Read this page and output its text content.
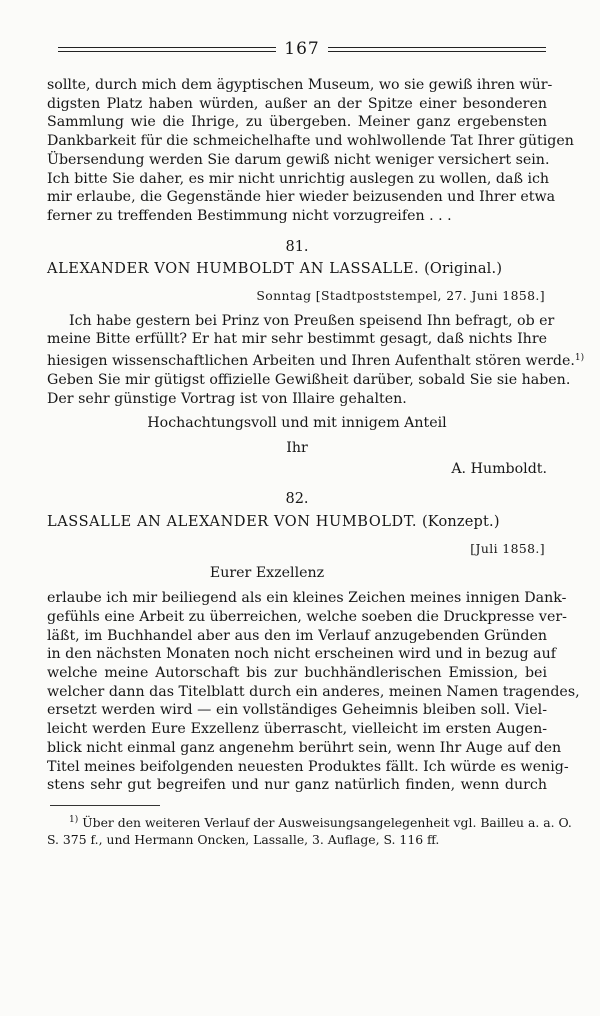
167

sollte, durch mich dem ägyptischen Museum, wo sie gewiß ihren wür-
digsten Platz haben würden, außer an der Spitze einer besonderen
Sammlung wie die Ihrige, zu übergeben. Meiner ganz ergebensten
Dankbarkeit für die schmeichelhafte und wohlwollende Tat Ihrer gütigen
Übersendung werden Sie darum gewiß nicht weniger versichert sein.
Ich bitte Sie daher, es mir nicht unrichtig auslegen zu wollen, daß ich
mir erlaube, die Gegenstände hier wieder beizusenden und Ihrer etwa
ferner zu treffenden Bestimmung nicht vorzugreifen . . .

81.
ALEXANDER VON HUMBOLDT AN LASSALLE. (Original.)
Sonntag [Stadtpoststempel, 27. Juni 1858.]

Ich habe gestern bei Prinz von Preußen speisend Ihn befragt, ob er
meine Bitte erfüllt? Er hat mir sehr bestimmt gesagt, daß nichts Ihre
hiesigen wissenschaftlichen Arbeiten und Ihren Aufenthalt stören werde.$^{1)}$
Geben Sie mir gütigst offizielle Gewißheit darüber, sobald Sie sie haben.
Der sehr günstige Vortrag ist von Illaire gehalten.

Hochachtungsvoll und mit innigem Anteil
Ihr
A. Humboldt.
82.
LASSALLE AN ALEXANDER VON HUMBOLDT. (Konzept.)
[Juli 1858.]
Eurer Exzellenz

erlaube ich mir beiliegend als ein kleines Zeichen meines innigen Dank-
gefühls eine Arbeit zu überreichen, welche soeben die Druckpresse ver-
läßt, im Buchhandel aber aus den im Verlauf anzugebenden Gründen
in den nächsten Monaten noch nicht erscheinen wird und in bezug auf
welche meine Autorschaft bis zur buchhändlerischen Emission, bei
welcher dann das Titelblatt durch ein anderes, meinen Namen tragendes,
ersetzt werden wird — ein vollständiges Geheimnis bleiben soll. Viel-
leicht werden Eure Exzellenz überrascht, vielleicht im ersten Augen-
blick nicht einmal ganz angenehm berührt sein, wenn Ihr Auge auf den
Titel meines beifolgenden neuesten Produktes fällt. Ich würde es wenig-
stens sehr gut begreifen und nur ganz natürlich finden, wenn durch

$^{1)}$ Über den weiteren Verlauf der Ausweisungsangelegenheit vgl. Bailleu a. a. O.
S. 375 f., und Hermann Oncken, Lassalle, 3. Auflage, S. 116 ff.
